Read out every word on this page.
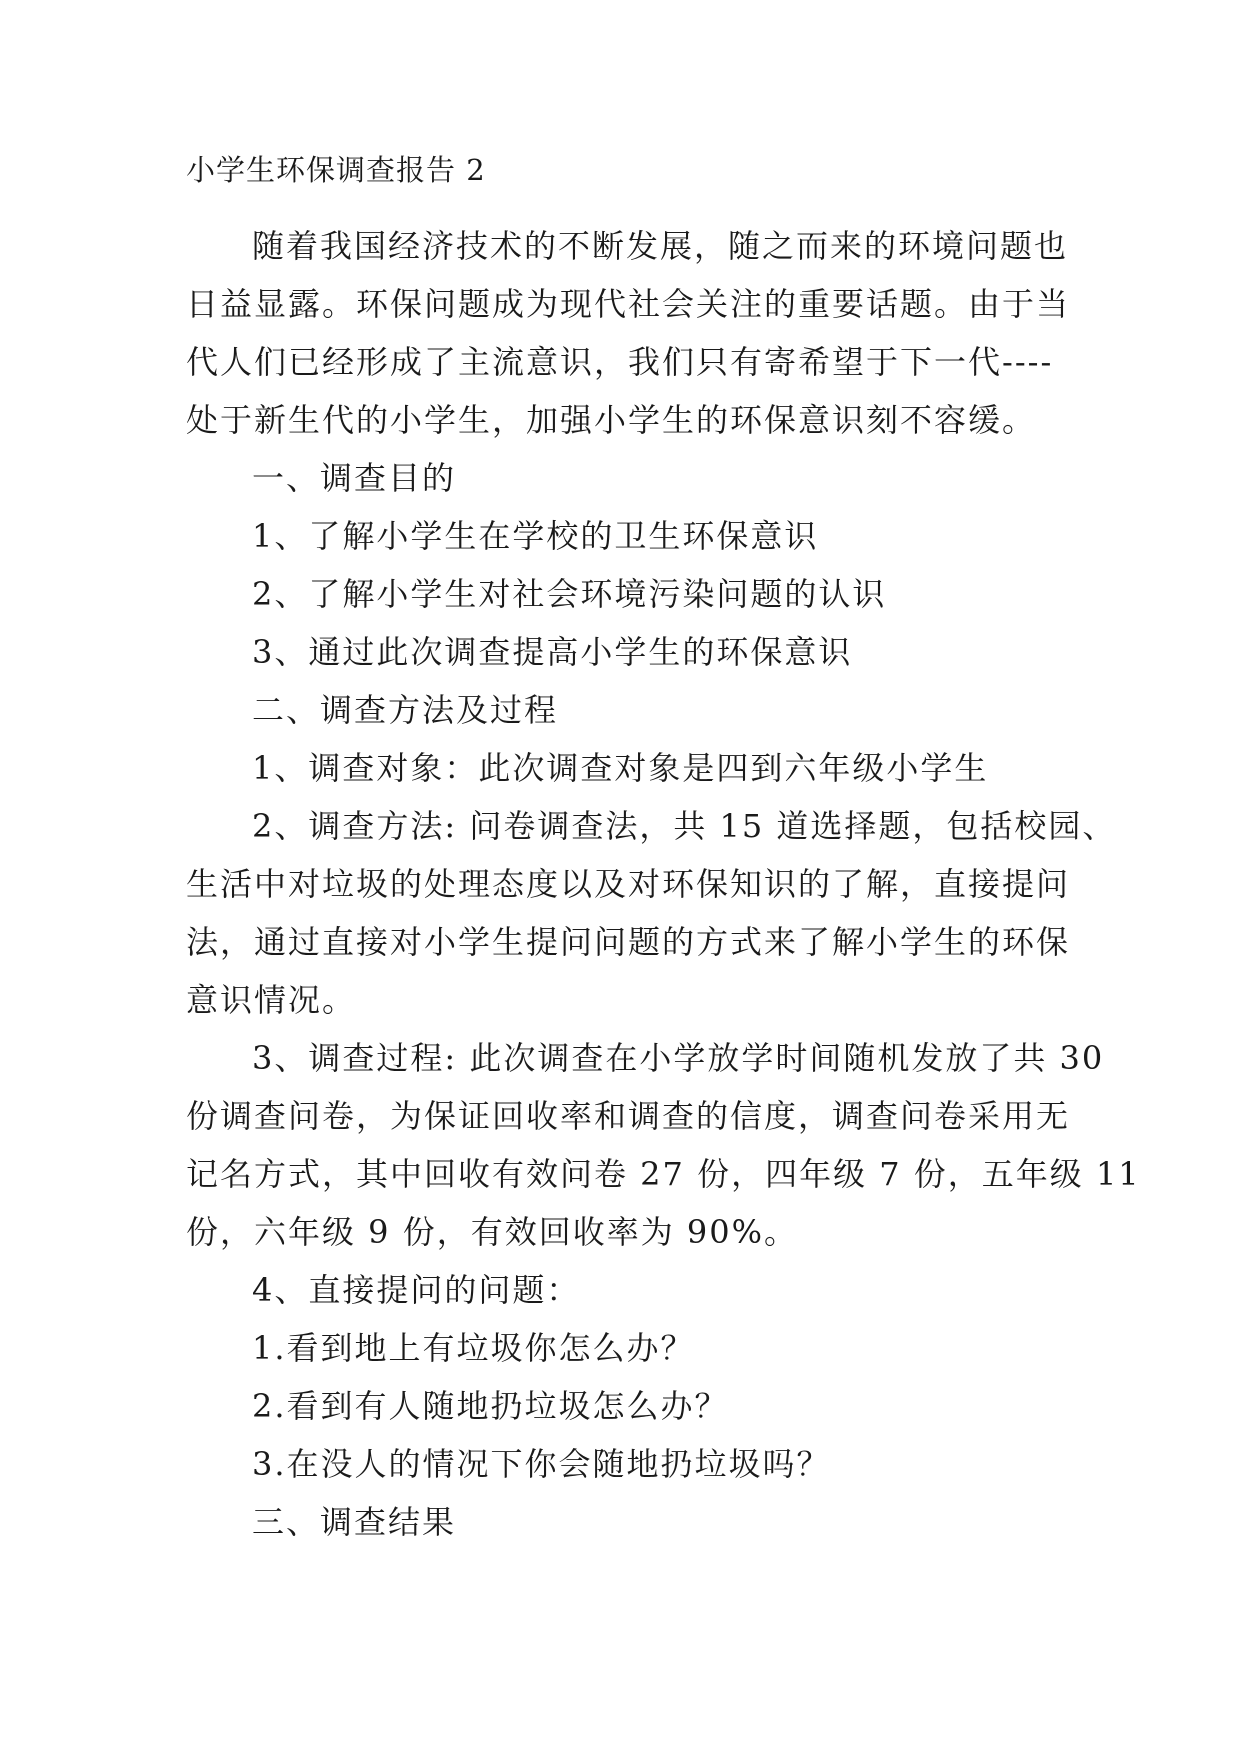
小学生环保调查报告 2
随着我国经济技术的不断发展，随之而来的环境问题也
日益显露。环保问题成为现代社会关注的重要话题。由于当
代人们已经形成了主流意识，我们只有寄希望于下一代----
处于新生代的小学生，加强小学生的环保意识刻不容缓。
一、调查目的
1、了解小学生在学校的卫生环保意识
2、了解小学生对社会环境污染问题的认识
3、通过此次调查提高小学生的环保意识
二、调查方法及过程
1、调查对象：此次调查对象是四到六年级小学生
2、调查方法: 问卷调查法，共 15 道选择题，包括校园、
生活中对垃圾的处理态度以及对环保知识的了解，直接提问
法，通过直接对小学生提问问题的方式来了解小学生的环保
意识情况。
3、调查过程: 此次调查在小学放学时间随机发放了共 30
份调查问卷，为保证回收率和调查的信度，调查问卷采用无
记名方式，其中回收有效问卷 27 份，四年级 7 份，五年级 11
份，六年级 9 份，有效回收率为 90%。
4、直接提问的问题：
1.看到地上有垃圾你怎么办？
2.看到有人随地扔垃圾怎么办？
3.在没人的情况下你会随地扔垃圾吗？
三、调查结果
